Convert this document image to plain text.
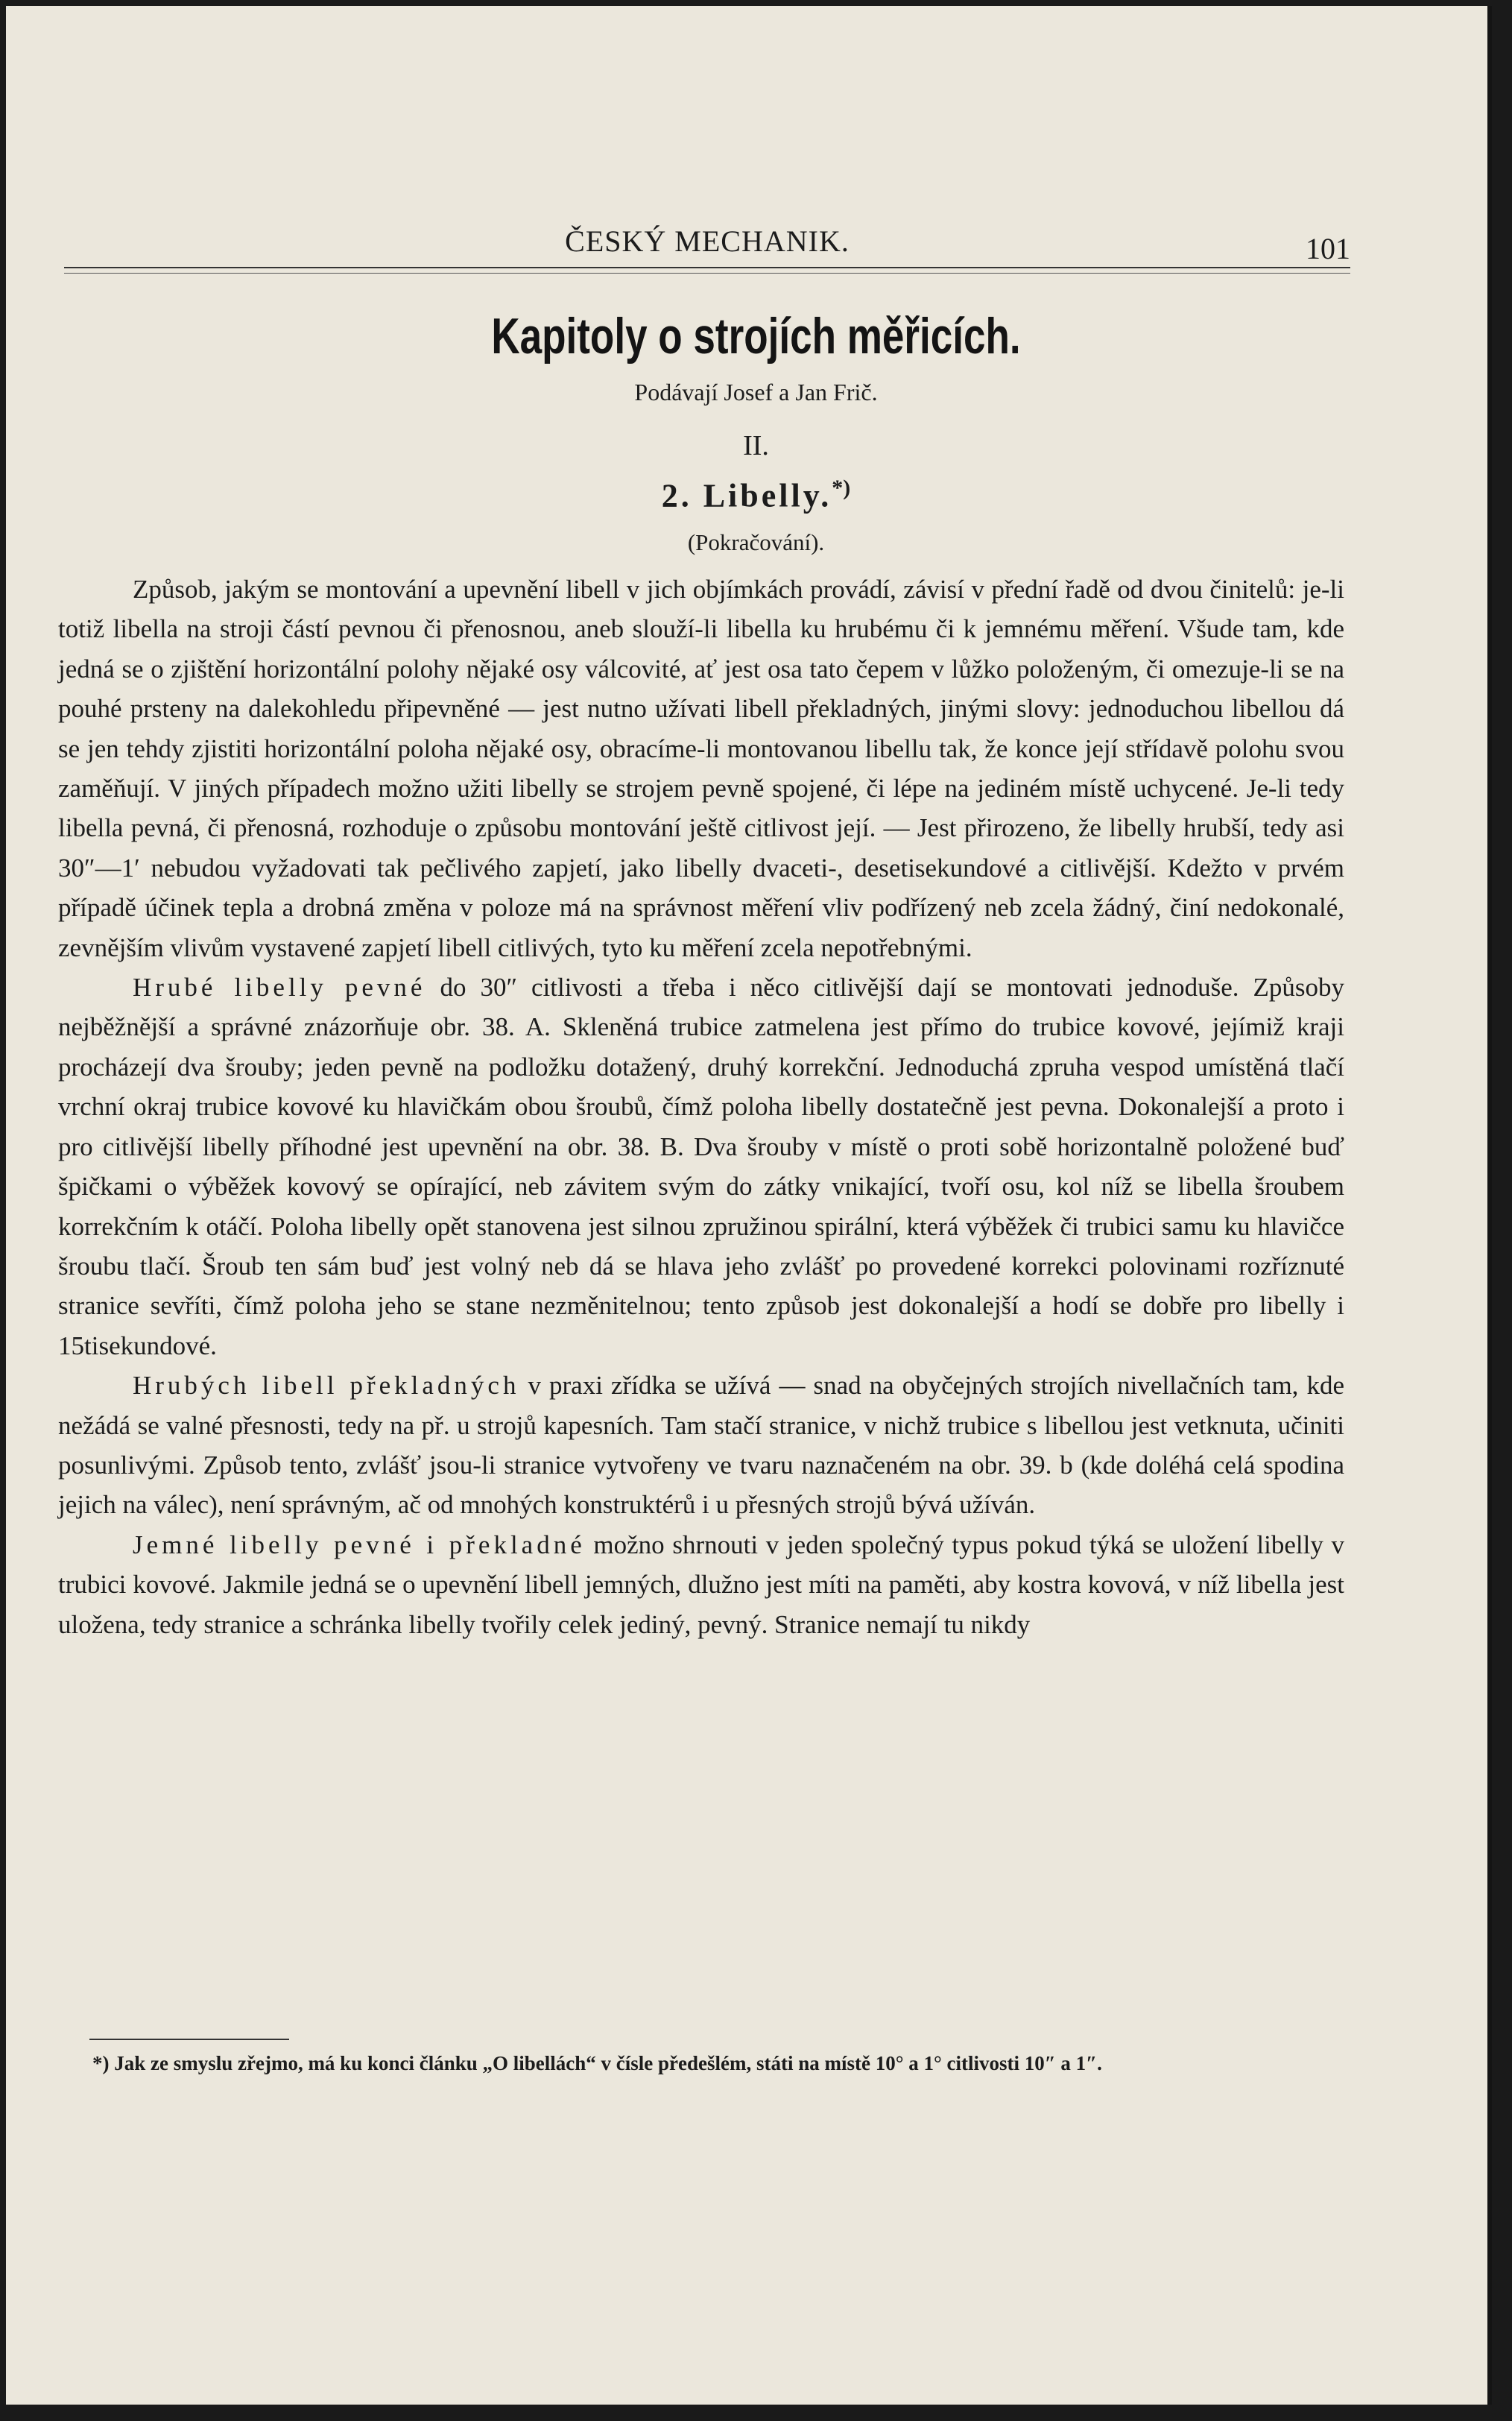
ČESKÝ MECHANIK.	101
Kapitoly o strojích měřicích.
Podávají Josef a Jan Frič.
II.
2. Libelly.*)
(Pokračování).

Způsob, jakým se montování a upevnění libell v jich objímkách provádí, závisí v přední řadě od dvou činitelů: je-li totiž libella na stroji částí pevnou či přenosnou, aneb slouží-li libella ku hrubému či k jemnému měření. Všude tam, kde jedná se o zjištění horizontální polohy nějaké osy válcovité, ať jest osa tato čepem v lůžko položeným, či omezuje-li se na pouhé prsteny na dalekohledu připevněné — jest nutno užívati libell překladných, jinými slovy: jednoduchou libellou dá se jen tehdy zjistiti horizontální poloha nějaké osy, obracíme-li montovanou libellu tak, že konce její střídavě polohu svou zaměňují. V jiných případech možno užiti libelly se strojem pevně spojené, či lépe na jediném místě uchycené. Je-li tedy libella pevná, či přenosná, rozhoduje o způsobu montování ještě citlivost její. — Jest přirozeno, že libelly hrubší, tedy asi 30″—1′ nebudou vyžadovati tak pečlivého zapjetí, jako libelly dvaceti-, desetisekundové a citlivější. Kdežto v prvém případě účinek tepla a drobná změna v poloze má na správnost měření vliv podřízený neb zcela žádný, činí nedokonalé, zevnějším vlivům vystavené zapjetí libell citlivých, tyto ku měření zcela nepotřebnými.

Hrubé libelly pevné do 30″ citlivosti a třeba i něco citlivější dají se montovati jednoduše. Způsoby nejběžnější a správné znázorňuje obr. 38. A. Skleněná trubice zatmelena jest přímo do trubice kovové, jejímiž kraji procházejí dva šrouby; jeden pevně na podložku dotažený, druhý korrekční. Jednoduchá zpruha vespod umístěná tlačí vrchní okraj trubice kovové ku hlavičkám obou šroubů, čímž poloha libelly dostatečně jest pevna. Dokonalejší a proto i pro citlivější libelly příhodné jest upevnění na obr. 38. B. Dva šrouby v místě o proti sobě horizontalně položené buď špičkami o výběžek kovový se opírající, neb závitem svým do zátky vnikající, tvoří osu, kol níž se libella šroubem korrekčním k otáčí. Poloha libelly opět stanovena jest silnou zpružinou spirální, která výběžek či trubici samu ku hlavičce šroubu tlačí. Šroub ten sám buď jest volný neb dá se hlava jeho zvlášť po provedené korrekci polovinami rozříznuté stranice sevříti, čímž poloha jeho se stane nezměnitelnou; tento způsob jest dokonalejší a hodí se dobře pro libelly i 15tisekundové.

Hrubých libell překladných v praxi zřídka se užívá — snad na obyčejných strojích nivellačních tam, kde nežádá se valné přesnosti, tedy na př. u strojů kapesních. Tam stačí stranice, v nichž trubice s libellou jest vetknuta, učiniti posunlivými. Způsob tento, zvlášť jsou-li stranice vytvořeny ve tvaru naznačeném na obr. 39. b (kde doléhá celá spodina jejich na válec), není správným, ač od mnohých konstruktérů i u přesných strojů bývá užíván.

Jemné libelly pevné i překladné možno shrnouti v jeden společný typus pokud týká se uložení libelly v trubici kovové. Jakmile jedná se o upevnění libell jemných, dlužno jest míti na paměti, aby kostra kovová, v níž libella jest uložena, tedy stranice a schránka libelly tvořily celek jediný, pevný. Stranice nemají tu nikdy

*) Jak ze smyslu zřejmo, má ku konci článku „O libellách“ v čísle předešlém, státi na místě 10° a 1° citlivosti 10″ a 1″.
